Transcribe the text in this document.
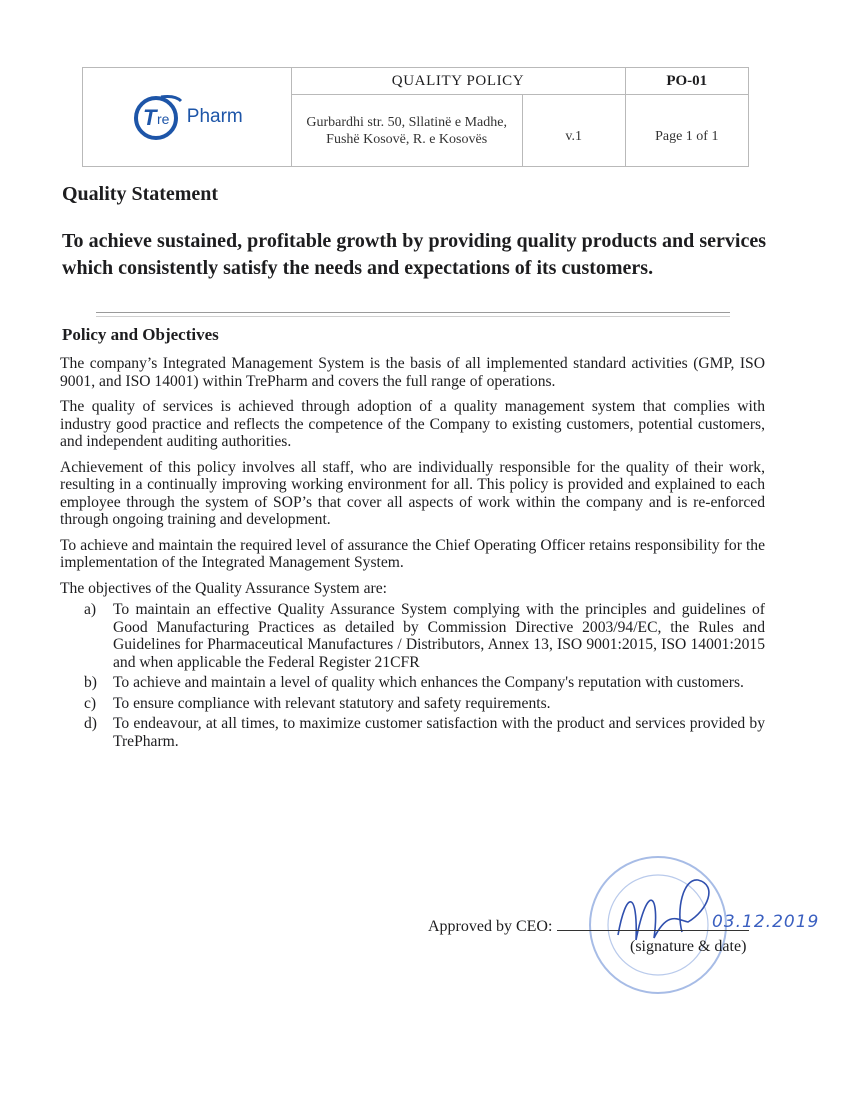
T re Pharm	QUALITY POLICY		PO-01
	Gurbardhi str. 50, Sllatinë e Madhe, Fushë Kosovë, R. e Kosovës	v.1	Page 1 of 1
Quality Statement
To achieve sustained, profitable growth by providing quality products and services which consistently satisfy the needs and expectations of its customers.
Policy and Objectives

The company’s Integrated Management System is the basis of all implemented standard activities (GMP, ISO 9001, and ISO 14001) within TrePharm and covers the full range of operations.

The quality of services is achieved through adoption of a quality management system that complies with industry good practice and reflects the competence of the Company to existing customers, potential customers, and independent auditing authorities.

Achievement of this policy involves all staff, who are individually responsible for the quality of their work, resulting in a continually improving working environment for all. This policy is provided and explained to each employee through the system of SOP’s that cover all aspects of work within the company and is re-enforced through ongoing training and development.

To achieve and maintain the required level of assurance the Chief Operating Officer retains responsibility for the implementation of the Integrated Management System.

The objectives of the Quality Assurance System are:

a) To maintain an effective Quality Assurance System complying with the principles and guidelines of Good Manufacturing Practices as detailed by Commission Directive 2003/94/EC, the Rules and Guidelines for Pharmaceutical Manufactures / Distributors, Annex 13, ISO 9001:2015, ISO 14001:2015 and when applicable the Federal Register 21CFR
b) To achieve and maintain a level of quality which enhances the Company's reputation with customers.
c) To ensure compliance with relevant statutory and safety requirements.
d) To endeavour, at all times, to maximize customer satisfaction with the product and services provided by TrePharm.
Approved by CEO:	03.12.2019
(signature & date)
